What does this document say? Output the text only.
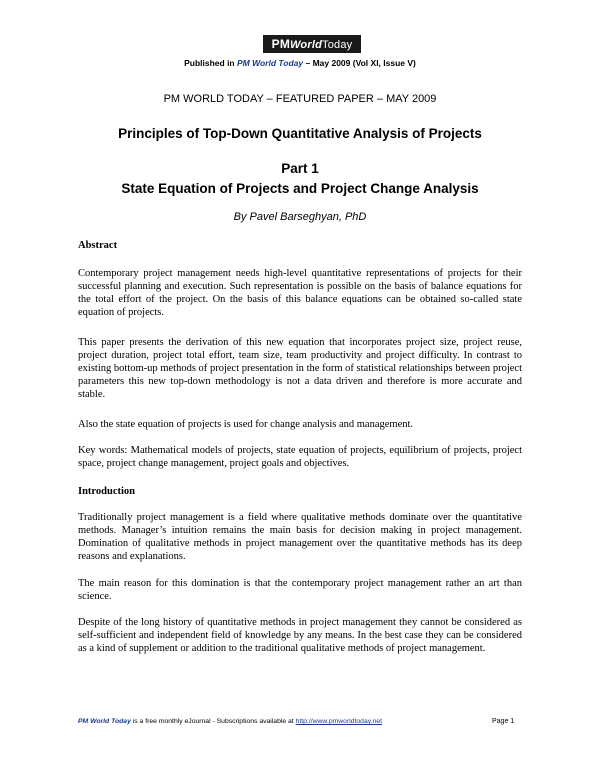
PMWorldToday
Published in PM World Today – May 2009 (Vol XI, Issue V)
PM WORLD TODAY – FEATURED PAPER – MAY 2009
Principles of Top-Down Quantitative Analysis of Projects
Part 1
State Equation of Projects and Project Change Analysis
By Pavel Barseghyan, PhD
Abstract

Contemporary project management needs high-level quantitative representations of projects for their successful planning and execution. Such representation is possible on the basis of balance equations for the total effort of the project. On the basis of this balance equations can be obtained so-called state equation of projects.

This paper presents the derivation of this new equation that incorporates project size, project reuse, project duration, project total effort, team size, team productivity and project difficulty. In contrast to existing bottom-up methods of project presentation in the form of statistical relationships between project parameters this new top-down methodology is not a data driven and therefore is more accurate and stable.

Also the state equation of projects is used for change analysis and management.

Key words: Mathematical models of projects, state equation of projects, equilibrium of projects, project space, project change management, project goals and objectives.

Introduction

Traditionally project management is a field where qualitative methods dominate over the quantitative methods. Manager’s intuition remains the main basis for decision making in project management. Domination of qualitative methods in project management over the quantitative methods has its deep reasons and explanations.

The main reason for this domination is that the contemporary project management rather an art than science.

Despite of the long history of quantitative methods in project management they cannot be considered as self-sufficient and independent field of knowledge by any means. In the best case they can be considered as a kind of supplement or addition to the traditional qualitative methods of project management.

PM World Today is a free monthly eJournal - Subscriptions available at http://www.pmworldtoday.net	Page 1
